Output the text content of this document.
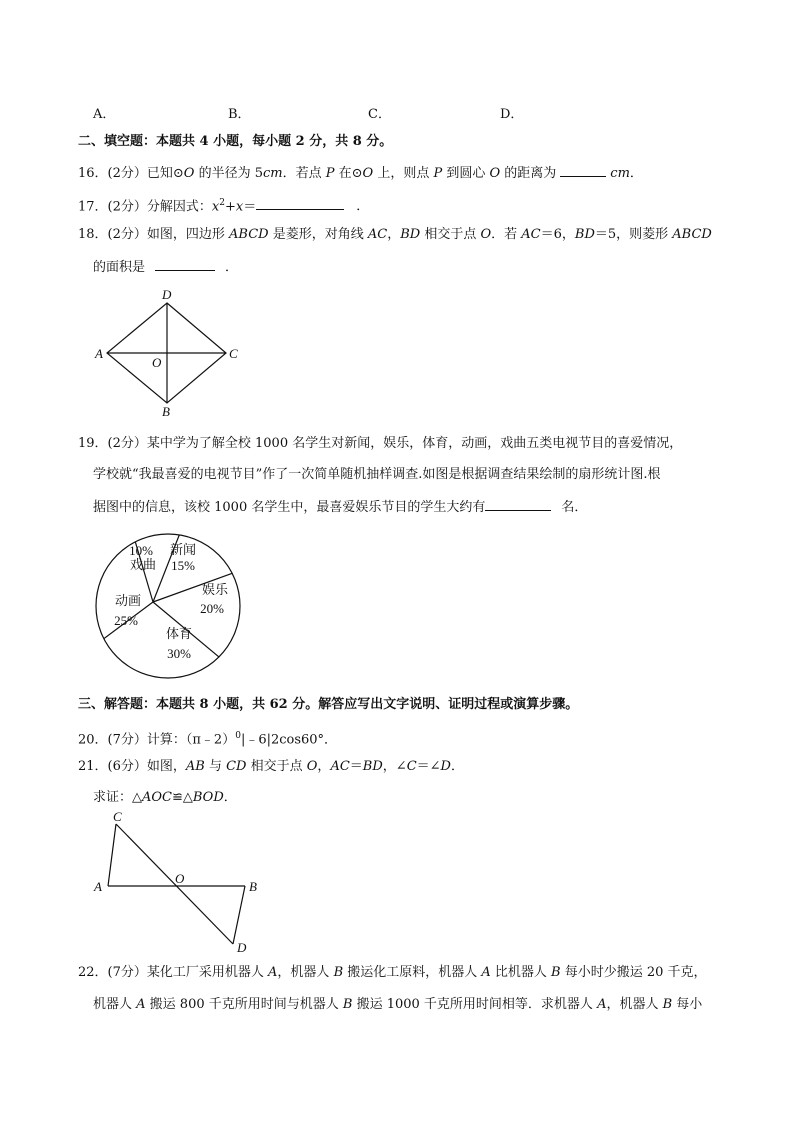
A．	B．	C．	D．
二、填空题：本题共 4 小题，每小题 2 分，共 8 分。
16．(2分）已知⊙O 的半径为 5cm．若点 P 在⊙O 上，则点 P 到圆心 O 的距离为	cm．
17．(2分）分解因式：$x^2+x=$	．
18．(2分）如图，四边形 ABCD 是菱形，对角线 AC，BD 相交于点 O．若 AC＝6，BD＝5，则菱形 ABCD
的面积是	．
D
A	C
B
O
19．(2分）某中学为了解全校 1000 名学生对新闻，娱乐，体育，动画，戏曲五类电视节目的喜爱情况，
学校就“我最喜爱的电视节目”作了一次简单随机抽样调查.如图是根据调查结果绘制的扇形统计图.根
据图中的信息，该校 1000 名学生中，最喜爱娱乐节目的学生大约有	名．
新闻
15%
娱乐
20%
体育
30%
动画
25%
10%
戏曲
三、解答题：本题共 8 小题，共 62 分。解答应写出文字说明、证明过程或演算步骤。
20．(7分）计算：（π﹣2）$^0$|﹣6|2cos60°．
21．(6分）如图，AB 与 CD 相交于点 O，AC＝BD，∠C＝∠D．
求证：△AOC≌△BOD．
C
A
O
B
D
22．(7分）某化工厂采用机器人 A，机器人 B 搬运化工原料，机器人 A 比机器人 B 每小时少搬运 20 千克，
机器人 A 搬运 800 千克所用时间与机器人 B 搬运 1000 千克所用时间相等．求机器人 A，机器人 B 每小
